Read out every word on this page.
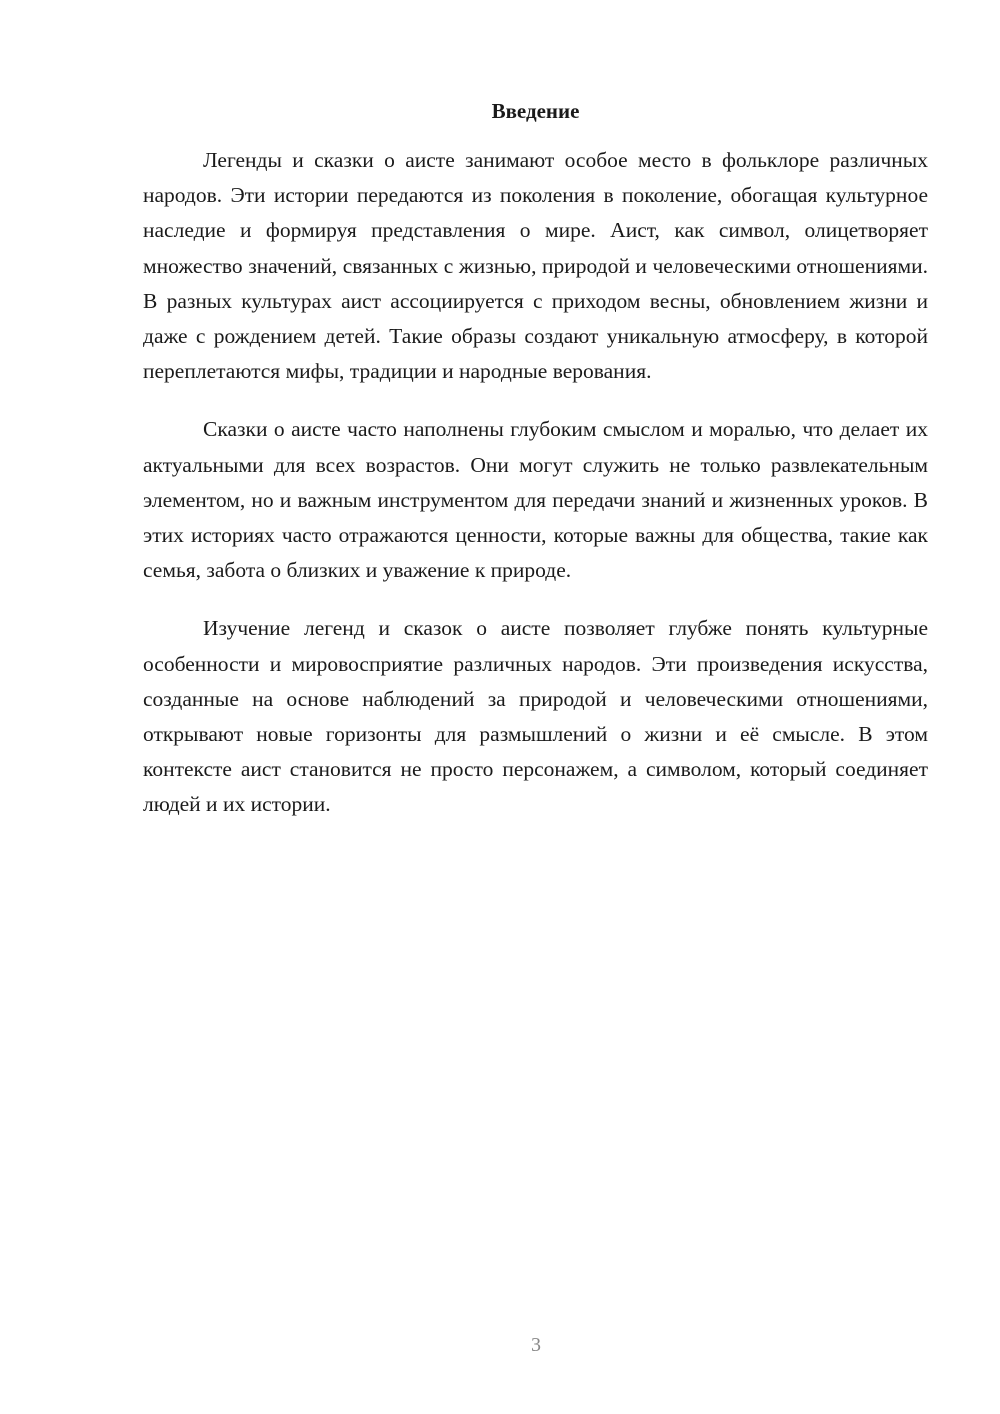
Введение

Легенды и сказки о аисте занимают особое место в фольклоре различных народов. Эти истории передаются из поколения в поколение, обогащая культурное наследие и формируя представления о мире. Аист, как символ, олицетворяет множество значений, связанных с жизнью, природой и человеческими отношениями. В разных культурах аист ассоциируется с приходом весны, обновлением жизни и даже с рождением детей. Такие образы создают уникальную атмосферу, в которой переплетаются мифы, традиции и народные верования.

Сказки о аисте часто наполнены глубоким смыслом и моралью, что делает их актуальными для всех возрастов. Они могут служить не только развлекательным элементом, но и важным инструментом для передачи знаний и жизненных уроков. В этих историях часто отражаются ценности, которые важны для общества, такие как семья, забота о близких и уважение к природе.

Изучение легенд и сказок о аисте позволяет глубже понять культурные особенности и мировосприятие различных народов. Эти произведения искусства, созданные на основе наблюдений за природой и человеческими отношениями, открывают новые горизонты для размышлений о жизни и её смысле. В этом контексте аист становится не просто персонажем, а символом, который соединяет людей и их истории.

3
